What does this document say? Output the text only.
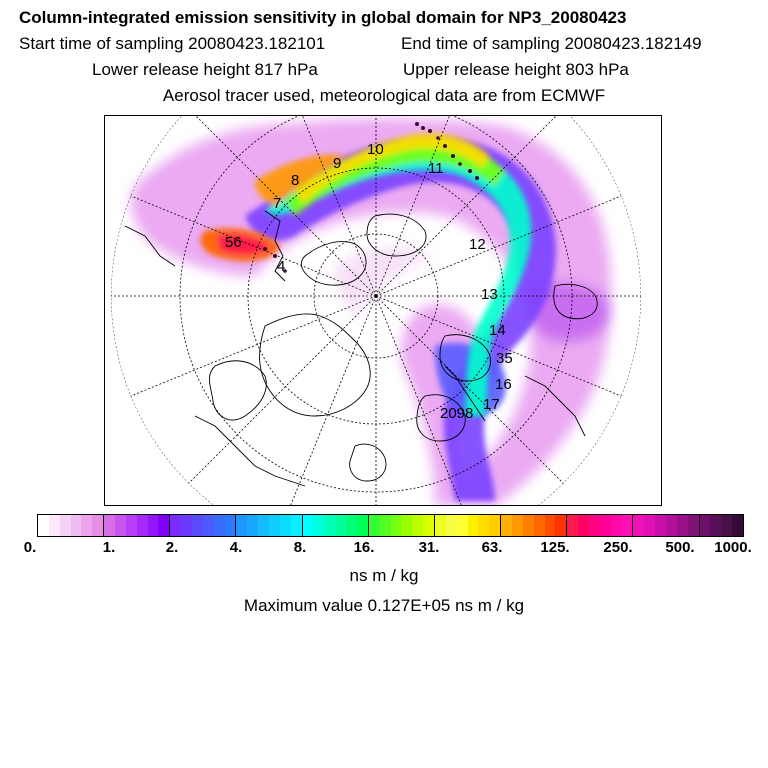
Column-integrated emission sensitivity in global domain for NP3_20080423
Start time of sampling 20080423.182101	End time of sampling 20080423.182149
Lower release height 817 hPa	Upper release height 803 hPa
Aerosol tracer used, meteorological data are from ECMWF
10
9
8
7
56
4
11
12
13
14
35
16
2098
17
0.	1.	2.	4.	8.	16.	31.	63.	125. 250. 500. 1000.
ns m / kg
Maximum value 0.127E+05 ns m / kg
